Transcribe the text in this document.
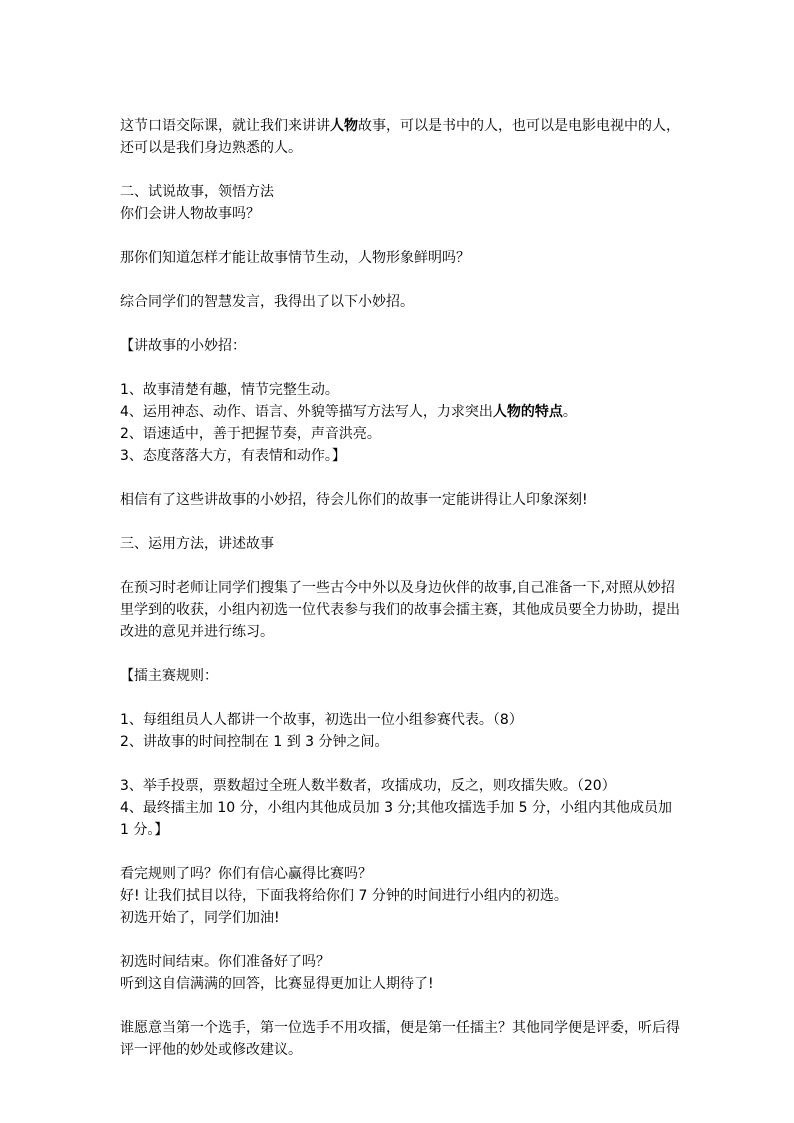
这节口语交际课，就让我们来讲讲人物故事，可以是书中的人，也可以是电影电视中的人，还可以是我们身边熟悉的人。

二、试说故事，领悟方法

你们会讲人物故事吗？

那你们知道怎样才能让故事情节生动，人物形象鲜明吗？

综合同学们的智慧发言，我得出了以下小妙招。

【讲故事的小妙招：

1、故事清楚有趣，情节完整生动。

4、运用神态、动作、语言、外貌等描写方法写人，力求突出人物的特点。

2、语速适中，善于把握节奏，声音洪亮。

3、态度落落大方，有表情和动作。】

相信有了这些讲故事的小妙招，待会儿你们的故事一定能讲得让人印象深刻!

三、运用方法，讲述故事

在预习时老师让同学们搜集了一些古今中外以及身边伙伴的故事,自己准备一下,对照从妙招里学到的收获，小组内初选一位代表参与我们的故事会擂主赛，其他成员要全力协助，提出改进的意见并进行练习。

【擂主赛规则：

1、每组组员人人都讲一个故事，初选出一位小组参赛代表。（8）

2、讲故事的时间控制在 1 到 3 分钟之间。

3、举手投票，票数超过全班人数半数者，攻擂成功，反之，则攻擂失败。（20）

4、最终擂主加 10 分，小组内其他成员加 3 分;其他攻擂选手加 5 分，小组内其他成员加 1 分。】

看完规则了吗？你们有信心赢得比赛吗？

好! 让我们拭目以待，下面我将给你们 7 分钟的时间进行小组内的初选。

初选开始了，同学们加油!

初选时间结束。你们准备好了吗？

听到这自信满满的回答，比赛显得更加让人期待了!

谁愿意当第一个选手，第一位选手不用攻擂，便是第一任擂主？其他同学便是评委，听后得评一评他的妙处或修改建议。
